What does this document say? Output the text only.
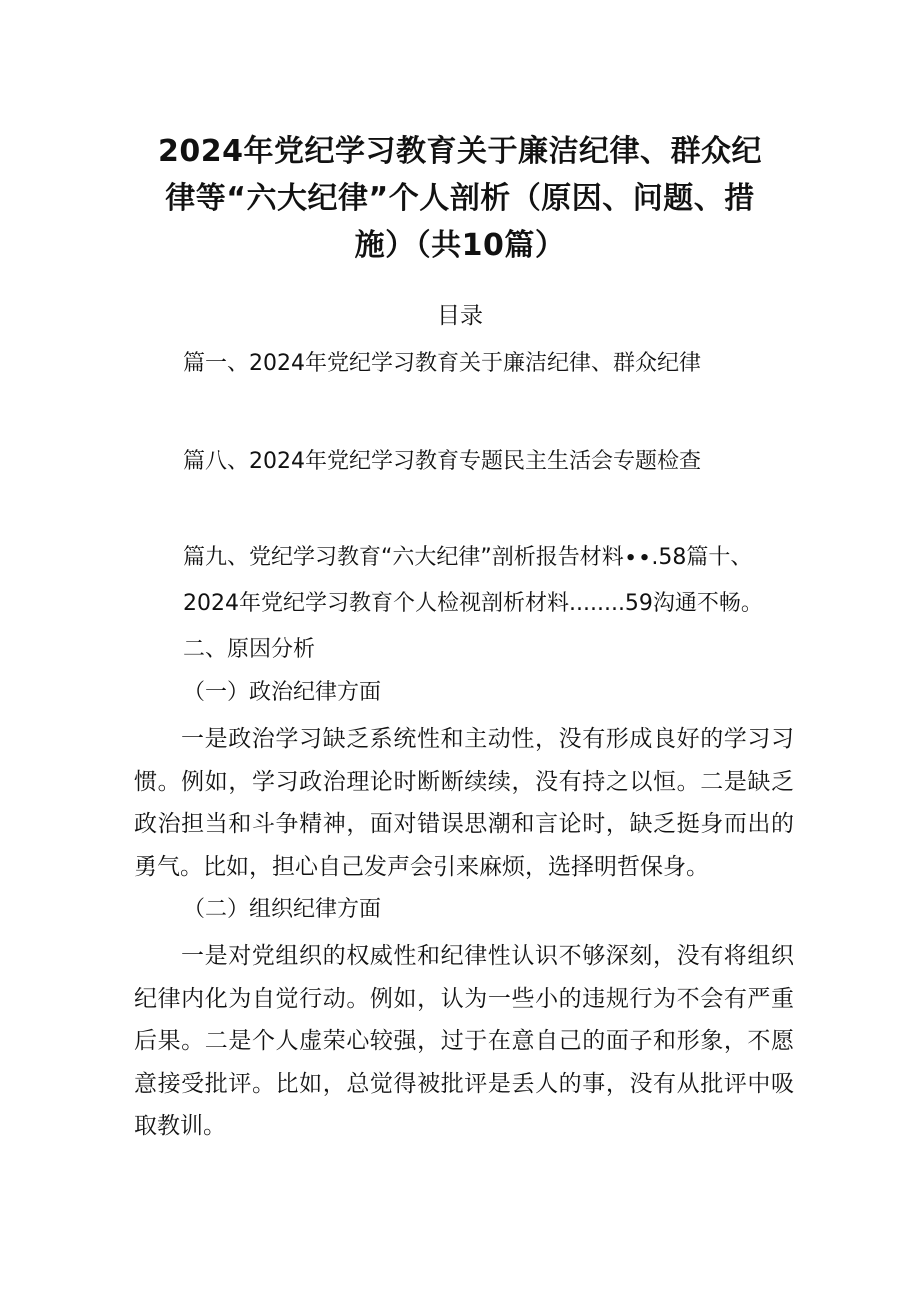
2024年党纪学习教育关于廉洁纪律、群众纪
律等“六大纪律”个人剖析（原因、问题、措
施）（共10篇）
目录
篇一、2024年党纪学习教育关于廉洁纪律、群众纪律
篇八、2024年党纪学习教育专题民主生活会专题检查
篇九、党纪学习教育“六大纪律”剖析报告材料∙∙.58篇十、
2024年党纪学习教育个人检视剖析材料........59沟通不畅。
二、原因分析
（一）政治纪律方面
一是政治学习缺乏系统性和主动性，没有形成良好的学习习惯。例如，学习政治理论时断断续续，没有持之以恒。二是缺乏政治担当和斗争精神，面对错误思潮和言论时，缺乏挺身而出的勇气。比如，担心自己发声会引来麻烦，选择明哲保身。
（二）组织纪律方面
一是对党组织的权威性和纪律性认识不够深刻，没有将组织纪律内化为自觉行动。例如，认为一些小的违规行为不会有严重后果。二是个人虚荣心较强，过于在意自己的面子和形象，不愿意接受批评。比如，总觉得被批评是丢人的事，没有从批评中吸取教训。
